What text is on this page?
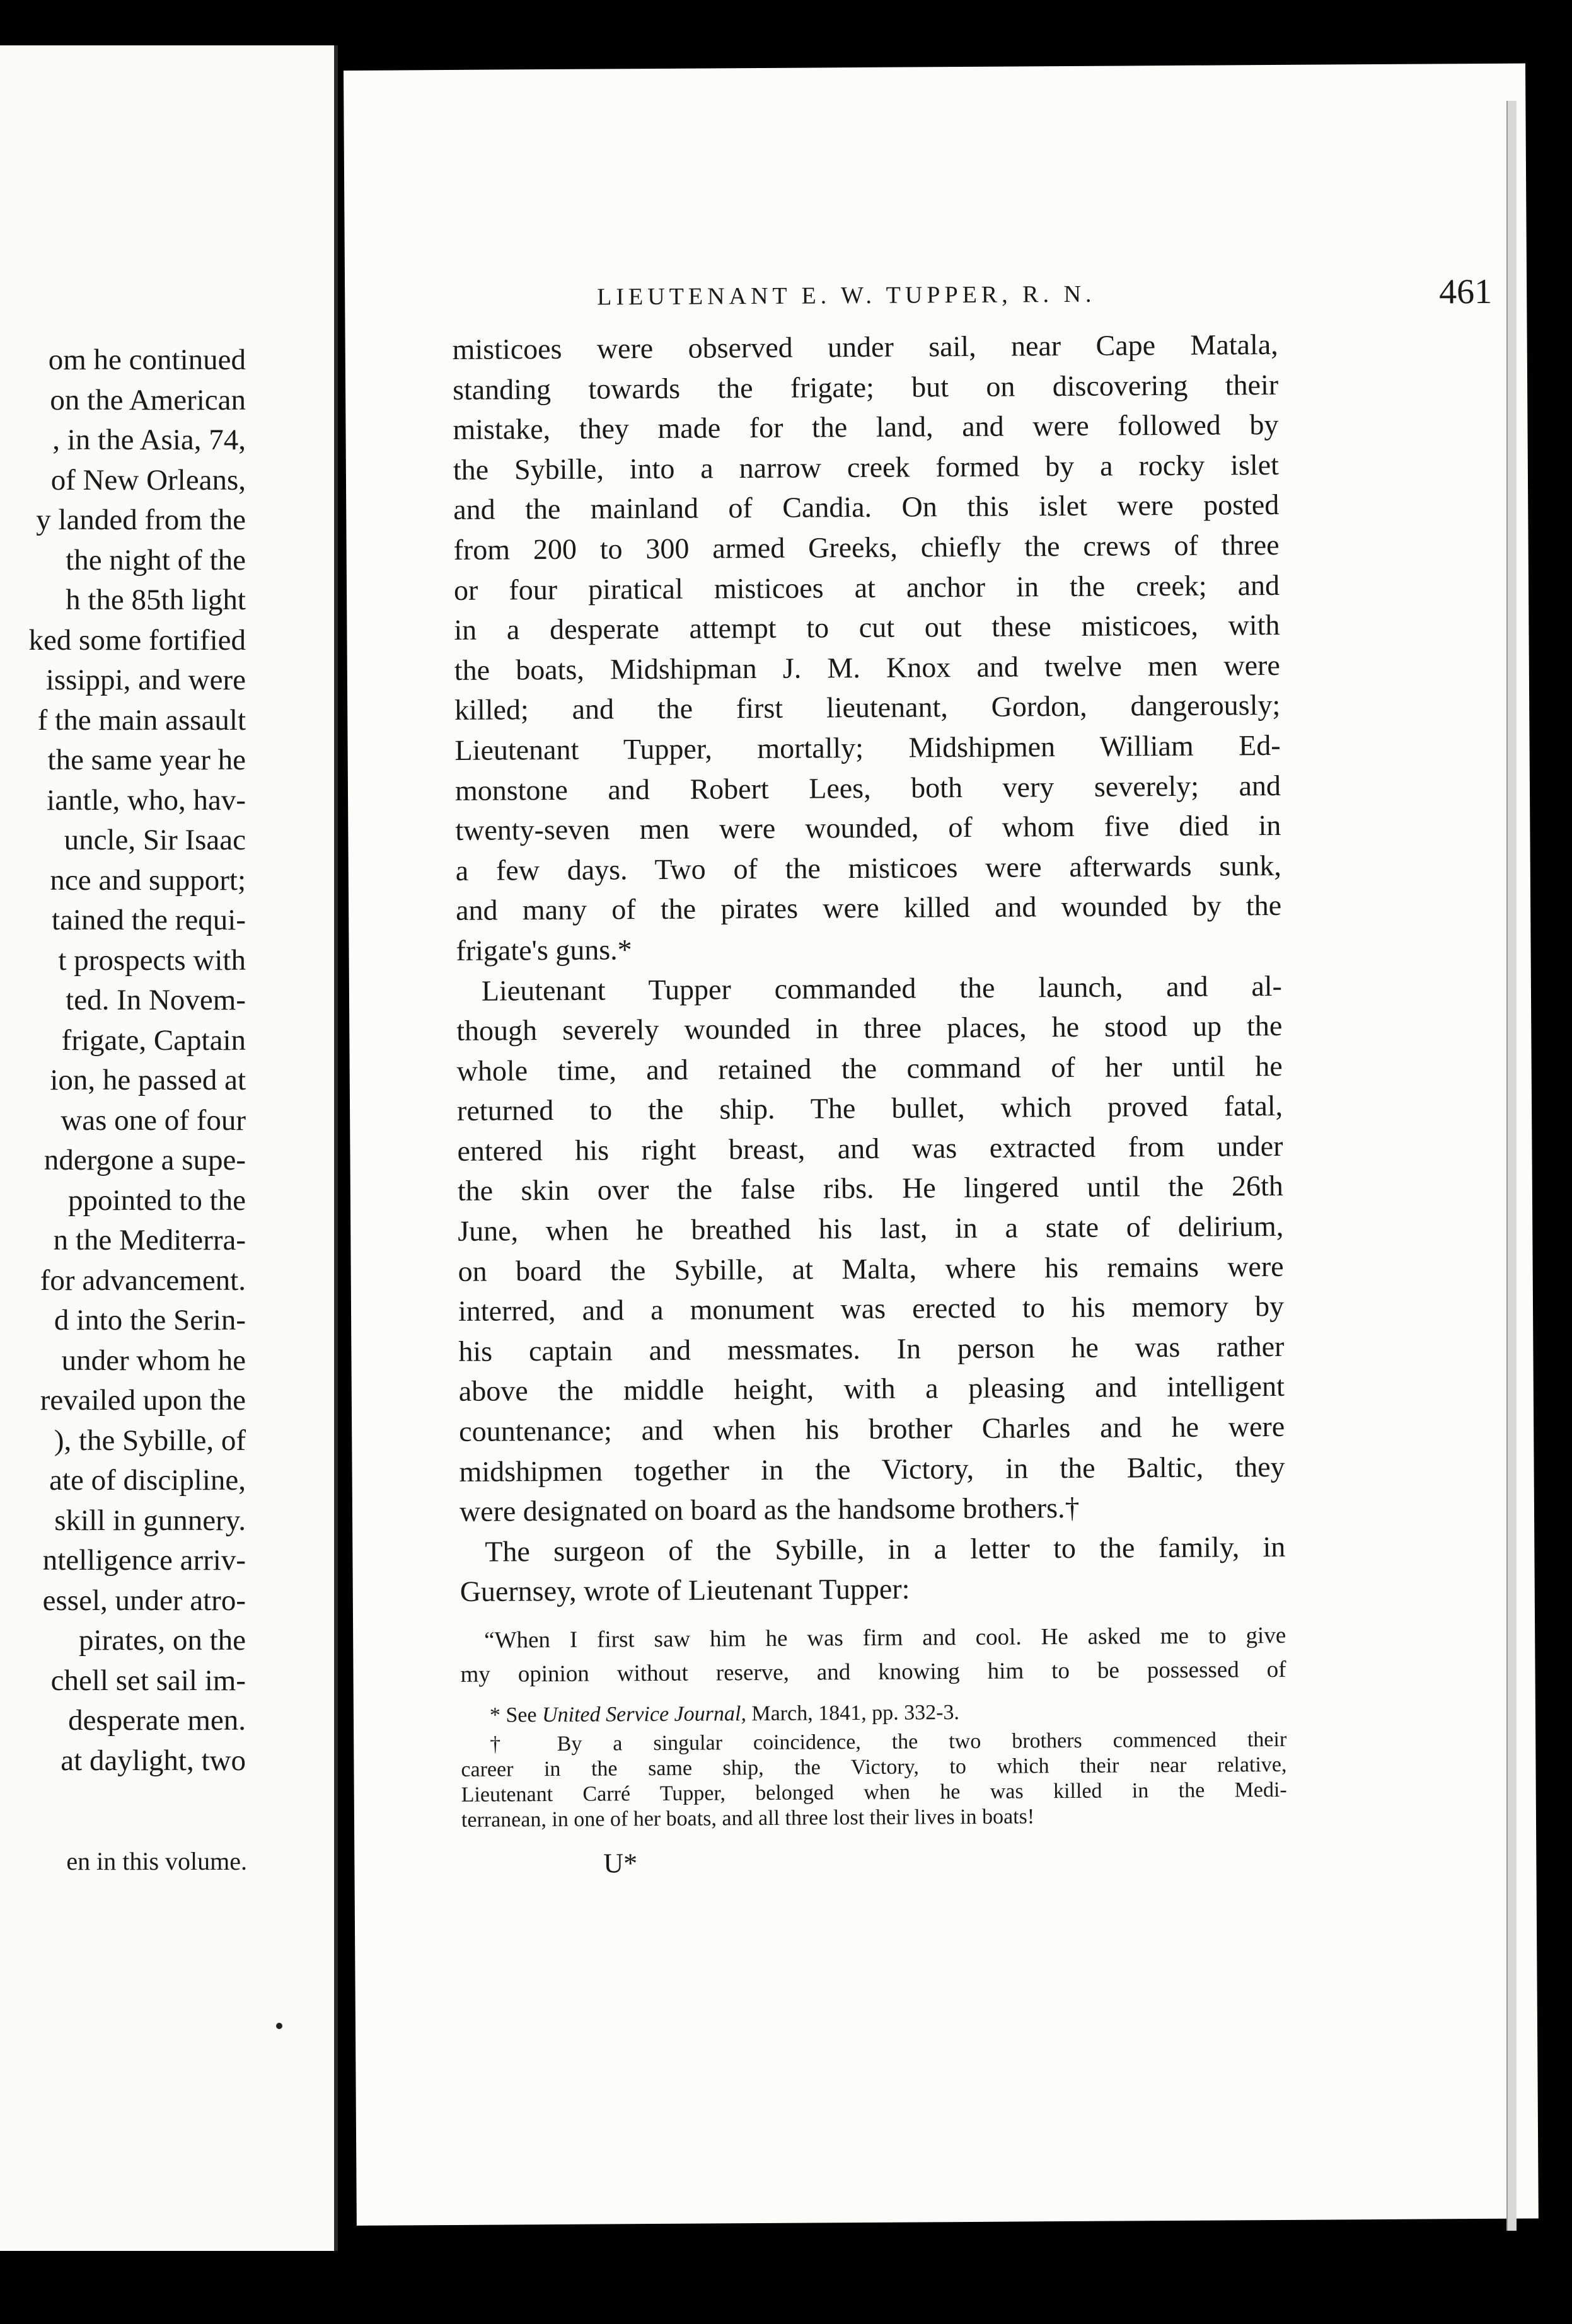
om he continued
on the American
, in the Asia, 74,
of New Orleans,
y landed from the
the night of the
h the 85th light
ked some fortified
issippi, and were
f the main assault
the same year he
iantle, who, hav-
uncle, Sir Isaac
nce and support;
tained the requi-
t prospects with
ted. In Novem-
frigate, Captain
ion, he passed at
was one of four
ndergone a supe-
ppointed to the
n the Mediterra-
for advancement.
d into the Serin-
under whom he
revailed upon the
), the Sybille, of
ate of discipline,
skill in gunnery.
ntelligence arriv-
essel, under atro-
pirates, on the
chell set sail im-
desperate men.
at daylight, two
en in this volume.
LIEUTENANT E. W. TUPPER, R. N.	461
misticoes were observed under sail, near Cape Matala,
standing towards the frigate; but on discovering their
mistake, they made for the land, and were followed by
the Sybille, into a narrow creek formed by a rocky islet
and the mainland of Candia. On this islet were posted
from 200 to 300 armed Greeks, chiefly the crews of three
or four piratical misticoes at anchor in the creek; and
in a desperate attempt to cut out these misticoes, with
the boats, Midshipman J. M. Knox and twelve men were
killed; and the first lieutenant, Gordon, dangerously;
Lieutenant Tupper, mortally; Midshipmen William Ed-
monstone and Robert Lees, both very severely; and
twenty-seven men were wounded, of whom five died in
a few days. Two of the misticoes were afterwards sunk,
and many of the pirates were killed and wounded by the
frigate's guns.*
Lieutenant Tupper commanded the launch, and al-
though severely wounded in three places, he stood up the
whole time, and retained the command of her until he
returned to the ship. The bullet, which proved fatal,
entered his right breast, and was extracted from under
the skin over the false ribs. He lingered until the 26th
June, when he breathed his last, in a state of delirium,
on board the Sybille, at Malta, where his remains were
interred, and a monument was erected to his memory by
his captain and messmates. In person he was rather
above the middle height, with a pleasing and intelligent
countenance; and when his brother Charles and he were
midshipmen together in the Victory, in the Baltic, they
were designated on board as the handsome brothers.†
The surgeon of the Sybille, in a letter to the family, in
Guernsey, wrote of Lieutenant Tupper:
“When I first saw him he was firm and cool. He asked me to give
my opinion without reserve, and knowing him to be possessed of
* See United Service Journal, March, 1841, pp. 332-3.
† By a singular coincidence, the two brothers commenced their
career in the same ship, the Victory, to which their near relative,
Lieutenant Carré Tupper, belonged when he was killed in the Medi-
terranean, in one of her boats, and all three lost their lives in boats!
U*
